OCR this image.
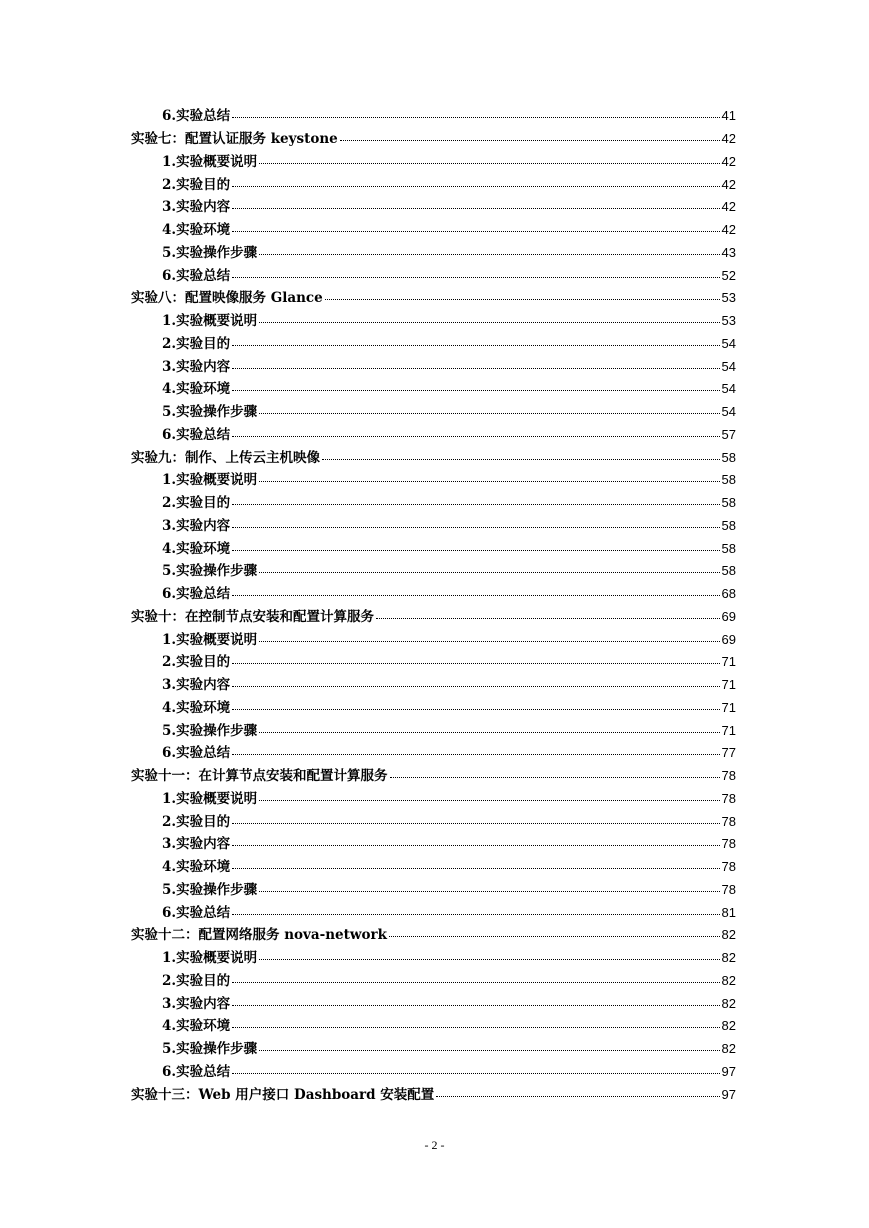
6.实验总结	41
实验七：配置认证服务 keystone	42
1.实验概要说明	42
2.实验目的	42
3.实验内容	42
4.实验环境	42
5.实验操作步骤	43
6.实验总结	52
实验八：配置映像服务 Glance	53
1.实验概要说明	53
2.实验目的	54
3.实验内容	54
4.实验环境	54
5.实验操作步骤	54
6.实验总结	57
实验九：制作、上传云主机映像	58
1.实验概要说明	58
2.实验目的	58
3.实验内容	58
4.实验环境	58
5.实验操作步骤	58
6.实验总结	68
实验十：在控制节点安装和配置计算服务	69
1.实验概要说明	69
2.实验目的	71
3.实验内容	71
4.实验环境	71
5.实验操作步骤	71
6.实验总结	77
实验十一：在计算节点安装和配置计算服务	78
1.实验概要说明	78
2.实验目的	78
3.实验内容	78
4.实验环境	78
5.实验操作步骤	78
6.实验总结	81
实验十二：配置网络服务 nova-network	82
1.实验概要说明	82
2.实验目的	82
3.实验内容	82
4.实验环境	82
5.实验操作步骤	82
6.实验总结	97
实验十三：Web 用户接口 Dashboard 安装配置	97
- 2 -
